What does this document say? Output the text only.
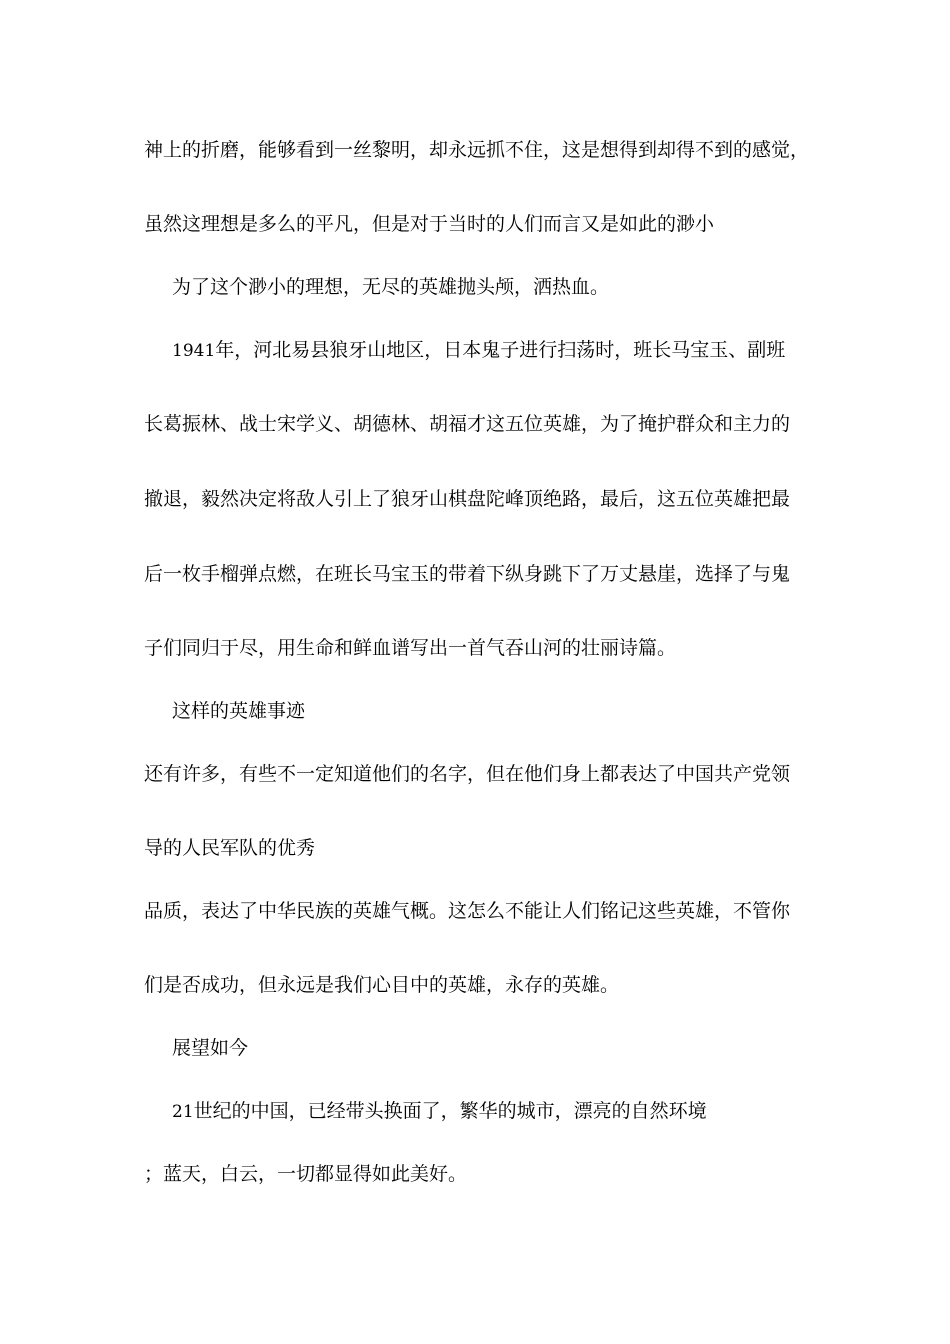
神上的折磨，能够看到一丝黎明，却永远抓不住，这是想得到却得不到的感觉，

虽然这理想是多么的平凡，但是对于当时的人们而言又是如此的渺小

为了这个渺小的理想，无尽的英雄抛头颅，洒热血。

1941年，河北易县狼牙山地区，日本鬼子进行扫荡时，班长马宝玉、副班

长葛振林、战士宋学义、胡德林、胡福才这五位英雄，为了掩护群众和主力的

撤退，毅然决定将敌人引上了狼牙山棋盘陀峰顶绝路，最后，这五位英雄把最

后一枚手榴弹点燃，在班长马宝玉的带着下纵身跳下了万丈悬崖，选择了与鬼

子们同归于尽，用生命和鲜血谱写出一首气吞山河的壮丽诗篇。

这样的英雄事迹

还有许多，有些不一定知道他们的名字，但在他们身上都表达了中国共产党领

导的人民军队的优秀

品质，表达了中华民族的英雄气概。这怎么不能让人们铭记这些英雄，不管你

们是否成功，但永远是我们心目中的英雄，永存的英雄。

展望如今

21世纪的中国，已经带头换面了，繁华的城市，漂亮的自然环境

；蓝天，白云，一切都显得如此美好。
